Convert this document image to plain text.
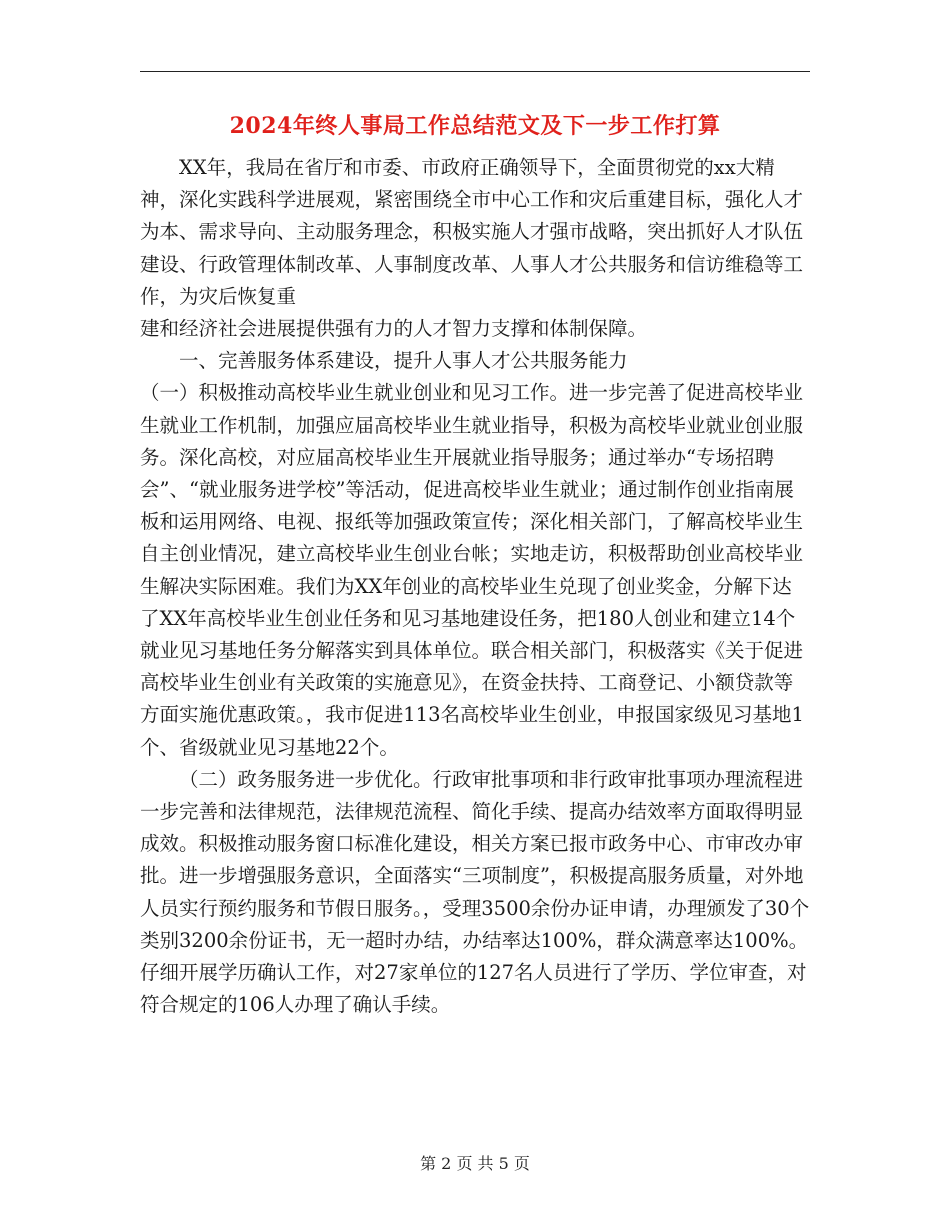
2024年终人事局工作总结范文及下一步工作打算

XX年，我局在省厅和市委、市政府正确领导下，全面贯彻党的xx大精神，深化实践科学进展观，紧密围绕全市中心工作和灾后重建目标，强化人才为本、需求导向、主动服务理念，积极实施人才强市战略，突出抓好人才队伍建设、行政管理体制改革、人事制度改革、人事人才公共服务和信访维稳等工作，为灾后恢复重

建和经济社会进展提供强有力的人才智力支撑和体制保障。

一、完善服务体系建设，提升人事人才公共服务能力

（一）积极推动高校毕业生就业创业和见习工作。进一步完善了促进高校毕业生就业工作机制，加强应届高校毕业生就业指导，积极为高校毕业就业创业服务。深化高校，对应届高校毕业生开展就业指导服务；通过举办“专场招聘会”、“就业服务进学校”等活动，促进高校毕业生就业；通过制作创业指南展板和运用网络、电视、报纸等加强政策宣传；深化相关部门，了解高校毕业生自主创业情况，建立高校毕业生创业台帐；实地走访，积极帮助创业高校毕业生解决实际困难。我们为XX年创业的高校毕业生兑现了创业奖金，分解下达了XX年高校毕业生创业任务和见习基地建设任务，把180人创业和建立14个就业见习基地任务分解落实到具体单位。联合相关部门，积极落实《关于促进高校毕业生创业有关政策的实施意见》，在资金扶持、工商登记、小额贷款等方面实施优惠政策。，我市促进113名高校毕业生创业，申报国家级见习基地1个、省级就业见习基地22个。

（二）政务服务进一步优化。行政审批事项和非行政审批事项办理流程进一步完善和法律规范，法律规范流程、简化手续、提高办结效率方面取得明显成效。积极推动服务窗口标准化建设，相关方案已报市政务中心、市审改办审批。进一步增强服务意识，全面落实“三项制度”，积极提高服务质量，对外地人员实行预约服务和节假日服务。，受理3500余份办证申请，办理颁发了30个类别3200余份证书，无一超时办结，办结率达100%，群众满意率达100%。仔细开展学历确认工作，对27家单位的127名人员进行了学历、学位审查，对符合规定的106人办理了确认手续。

第 2 页 共 5 页
